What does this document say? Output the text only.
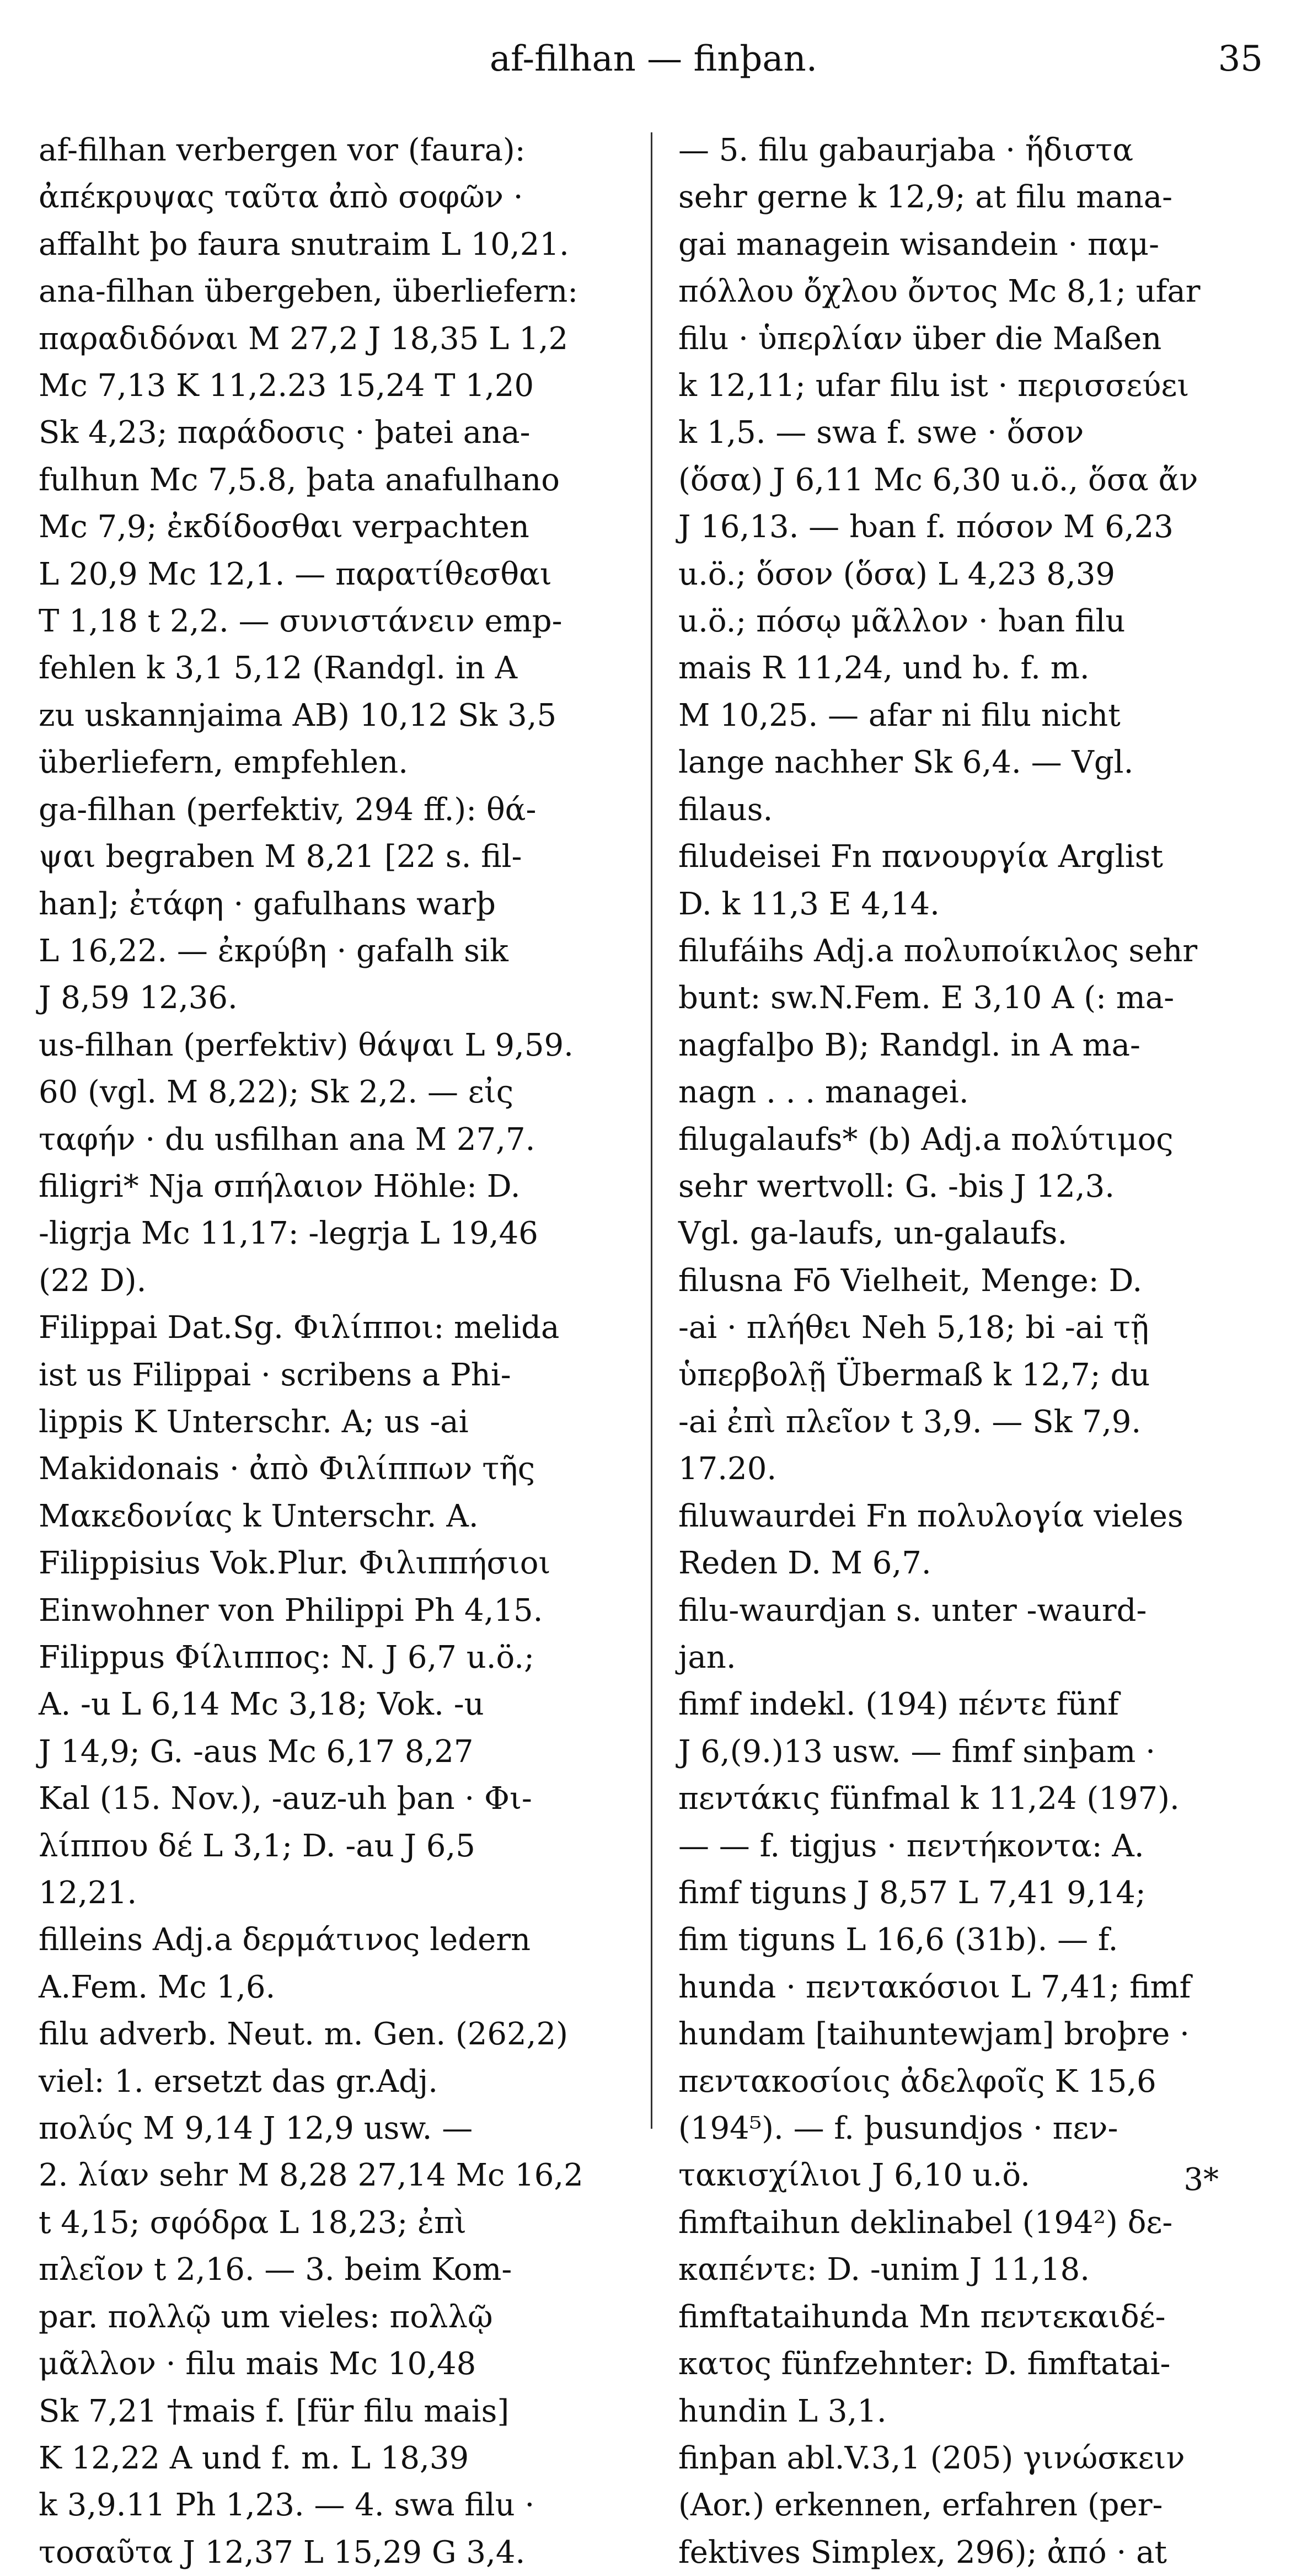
af-filhan — finþan.	35
af-filhan verbergen vor (faura):
ἀπέκρυψας ταῦτα ἀπὸ σοφῶν ·
affalht þo faura snutraim L 10,21.
ana-filhan übergeben, überliefern:
παραδιδόναι M 27,2 J 18,35 L 1,2
Mc 7,13 K 11,2.23 15,24 T 1,20
Sk 4,23; παράδοσις · þatei ana-
fulhun Mc 7,5.8, þata anafulhano
Mc 7,9; ἐκδίδοσθαι verpachten
L 20,9 Mc 12,1. — παρατίθεσθαι
T 1,18 t 2,2. — συνιστάνειν emp-
fehlen k 3,1 5,12 (Randgl. in A
zu uskannjaima AB) 10,12 Sk 3,5
überliefern, empfehlen.
ga-filhan (perfektiv, 294 ff.): θά-
ψαι begraben M 8,21 [22 s. fil-
han]; ἐτάφη · gafulhans warþ
L 16,22. — ἐκρύβη · gafalh sik
J 8,59 12,36.
us-filhan (perfektiv) θάψαι L 9,59.
60 (vgl. M 8,22); Sk 2,2. — εἰς
ταφήν · du usfilhan ana M 27,7.
filigri* Nja σπήλαιον Höhle: D.
-ligrja Mc 11,17: -legrja L 19,46
(22 D).
Filippai Dat.Sg. Φιλίπποι: melida
ist us Filippai · scribens a Phi-
lippis K Unterschr. A; us -ai
Makidonais · ἀπὸ Φιλίππων τῆς
Μακεδονίας k Unterschr. A.
Filippisius Vok.Plur. Φιλιππήσιοι
Einwohner von Philippi Ph 4,15.
Filippus Φίλιππος: N. J 6,7 u.ö.;
A. -u L 6,14 Mc 3,18; Vok. -u
J 14,9; G. -aus Mc 6,17 8,27
Kal (15. Nov.), -auz-uh þan · Φι-
λίππου δέ L 3,1; D. -au J 6,5
12,21.
filleins Adj.a δερμάτινος ledern
A.Fem. Mc 1,6.
filu adverb. Neut. m. Gen. (262,2)
viel: 1. ersetzt das gr.Adj.
πολύς M 9,14 J 12,9 usw. —
2. λίαν sehr M 8,28 27,14 Mc 16,2
t 4,15; σφόδρα L 18,23; ἐπὶ
πλεῖον t 2,16. — 3. beim Kom-
par. πολλῷ um vieles: πολλῷ
μᾶλλον · filu mais Mc 10,48
Sk 7,21 †mais f. [für filu mais]
K 12,22 A und f. m. L 18,39
k 3,9.11 Ph 1,23. — 4. swa filu ·
τοσαῦτα J 12,37 L 15,29 G 3,4.
— 5. filu gabaurjaba · ἥδιστα
sehr gerne k 12,9; at filu mana-
gai managein wisandein · παμ-
πόλλου ὄχλου ὄντος Mc 8,1; ufar
filu · ὑπερλίαν über die Maßen
k 12,11; ufar filu ist · περισσεύει
k 1,5. — swa f. swe · ὅσον
(ὅσα) J 6,11 Mc 6,30 u.ö., ὅσα ἄν
J 16,13. — ƕan f. πόσον M 6,23
u.ö.; ὅσον (ὅσα) L 4,23 8,39
u.ö.; πόσῳ μᾶλλον · ƕan filu
mais R 11,24, und ƕ. f. m.
M 10,25. — afar ni filu nicht
lange nachher Sk 6,4. — Vgl.
filaus.
filudeisei Fn πανουργία Arglist
D. k 11,3 E 4,14.
filufáihs Adj.a πολυποίκιλος sehr
bunt: sw.N.Fem. E 3,10 A (: ma-
nagfalþo B); Randgl. in A ma-
nagn . . . managei.
filugalaufs* (b) Adj.a πολύτιμος
sehr wertvoll: G. -bis J 12,3.
Vgl. ga-laufs, un-galaufs.
filusna Fō Vielheit, Menge: D.
-ai · πλήθει Neh 5,18; bi -ai τῇ
ὑπερβολῇ Übermaß k 12,7; du
-ai ἐπὶ πλεῖον t 3,9. — Sk 7,9.
17.20.
filuwaurdei Fn πολυλογία vieles
Reden D. M 6,7.
filu-waurdjan s. unter -waurd-
jan.
fimf indekl. (194) πέντε fünf
J 6,(9.)13 usw. — fimf sinþam ·
πεντάκις fünfmal k 11,24 (197).
— — f. tigjus · πεντήκοντα: A.
fimf tiguns J 8,57 L 7,41 9,14;
fim tiguns L 16,6 (31b). — f.
hunda · πεντακόσιοι L 7,41; fimf
hundam [taihuntewjam] broþre ·
πεντακοσίοις ἀδελφοῖς K 15,6
(194⁵). — f. þusundjos · πεν-
τακισχίλιοι J 6,10 u.ö.
fimftaihun deklinabel (194²) δε-
καπέντε: D. -unim J 11,18.
fimftataihunda Mn πεντεκαιδέ-
κατος fünfzehnter: D. fimftatai-
hundin L 3,1.
finþan abl.V.3,1 (205) γινώσκειν
(Aor.) erkennen, erfahren (per-
fektives Simplex, 296); ἀπό · at
3*
